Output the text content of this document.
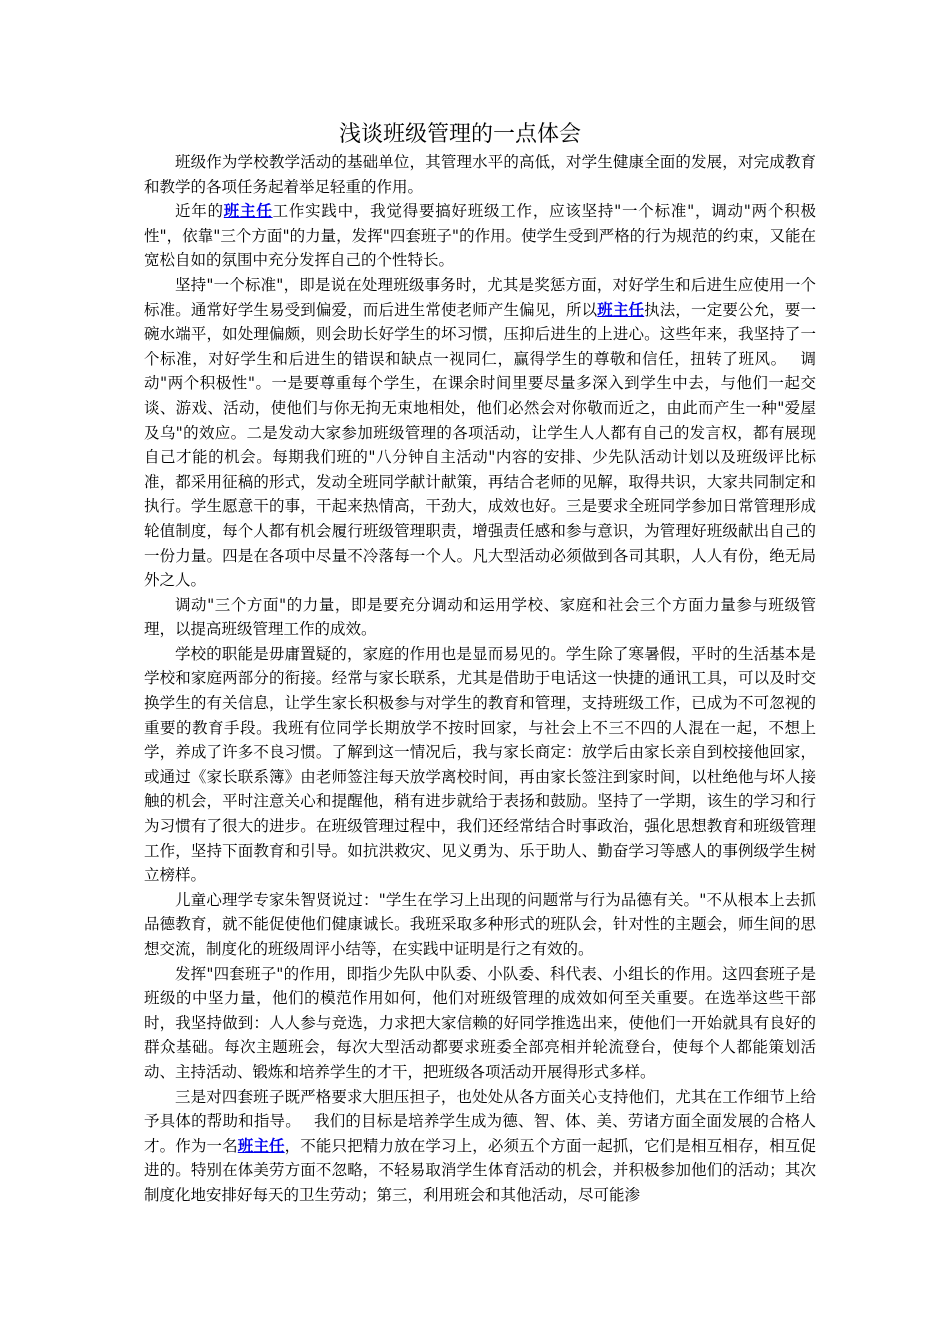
浅谈班级管理的一点体会

班级作为学校教学活动的基础单位，其管理水平的高低，对学生健康全面的发展，对完成教育和教学的各项任务起着举足轻重的作用。

近年的班主任工作实践中，我觉得要搞好班级工作，应该坚持"一个标准"，调动"两个积极性"，依靠"三个方面"的力量，发挥"四套班子"的作用。使学生受到严格的行为规范的约束，又能在宽松自如的氛围中充分发挥自己的个性特长。

坚持"一个标准"，即是说在处理班级事务时，尤其是奖惩方面，对好学生和后进生应使用一个标准。通常好学生易受到偏爱，而后进生常使老师产生偏见，所以班主任执法，一定要公允，要一碗水端平，如处理偏颇，则会助长好学生的坏习惯，压抑后进生的上进心。这些年来，我坚持了一个标准，对好学生和后进生的错误和缺点一视同仁，赢得学生的尊敬和信任，扭转了班风。　 调动"两个积极性"。一是要尊重每个学生，在课余时间里要尽量多深入到学生中去，与他们一起交谈、游戏、活动，使他们与你无拘无束地相处，他们必然会对你敬而近之，由此而产生一种"爱屋及乌"的效应。二是发动大家参加班级管理的各项活动，让学生人人都有自己的发言权，都有展现自己才能的机会。每期我们班的"八分钟自主活动"内容的安排、少先队活动计划以及班级评比标准，都采用征稿的形式，发动全班同学献计献策，再结合老师的见解，取得共识，大家共同制定和执行。学生愿意干的事，干起来热情高，干劲大，成效也好。三是要求全班同学参加日常管理形成轮值制度，每个人都有机会履行班级管理职责，增强责任感和参与意识，为管理好班级献出自己的一份力量。四是在各项中尽量不冷落每一个人。凡大型活动必须做到各司其职，人人有份，绝无局外之人。

调动"三个方面"的力量，即是要充分调动和运用学校、家庭和社会三个方面力量参与班级管理，以提高班级管理工作的成效。

学校的职能是毋庸置疑的，家庭的作用也是显而易见的。学生除了寒暑假，平时的生活基本是学校和家庭两部分的衔接。经常与家长联系，尤其是借助于电话这一快捷的通讯工具，可以及时交换学生的有关信息，让学生家长积极参与对学生的教育和管理，支持班级工作，已成为不可忽视的重要的教育手段。我班有位同学长期放学不按时回家，与社会上不三不四的人混在一起，不想上学，养成了许多不良习惯。了解到这一情况后，我与家长商定：放学后由家长亲自到校接他回家，或通过《家长联系簿》由老师签注每天放学离校时间，再由家长签注到家时间，以杜绝他与坏人接触的机会，平时注意关心和提醒他，稍有进步就给于表扬和鼓励。坚持了一学期，该生的学习和行为习惯有了很大的进步。在班级管理过程中，我们还经常结合时事政治，强化思想教育和班级管理工作，坚持下面教育和引导。如抗洪救灾、见义勇为、乐于助人、勤奋学习等感人的事例级学生树立榜样。

儿童心理学专家朱智贤说过："学生在学习上出现的问题常与行为品德有关。"不从根本上去抓品德教育，就不能促使他们健康诚长。我班采取多种形式的班队会，针对性的主题会，师生间的思想交流，制度化的班级周评小结等，在实践中证明是行之有效的。

发挥"四套班子"的作用，即指少先队中队委、小队委、科代表、小组长的作用。这四套班子是班级的中坚力量，他们的模范作用如何，他们对班级管理的成效如何至关重要。在选举这些干部时，我坚持做到：人人参与竞选，力求把大家信赖的好同学推选出来，使他们一开始就具有良好的群众基础。每次主题班会，每次大型活动都要求班委全部亮相并轮流登台，使每个人都能策划活动、主持活动、锻炼和培养学生的才干，把班级各项活动开展得形式多样。

三是对四套班子既严格要求大胆压担子，也处处从各方面关心支持他们，尤其在工作细节上给予具体的帮助和指导。　 我们的目标是培养学生成为德、智、体、美、劳诸方面全面发展的合格人才。作为一名班主任，不能只把精力放在学习上，必须五个方面一起抓，它们是相互相存，相互促进的。特别在体美劳方面不忽略，不轻易取消学生体育活动的机会，并积极参加他们的活动；其次制度化地安排好每天的卫生劳动；第三，利用班会和其他活动，尽可能渗
